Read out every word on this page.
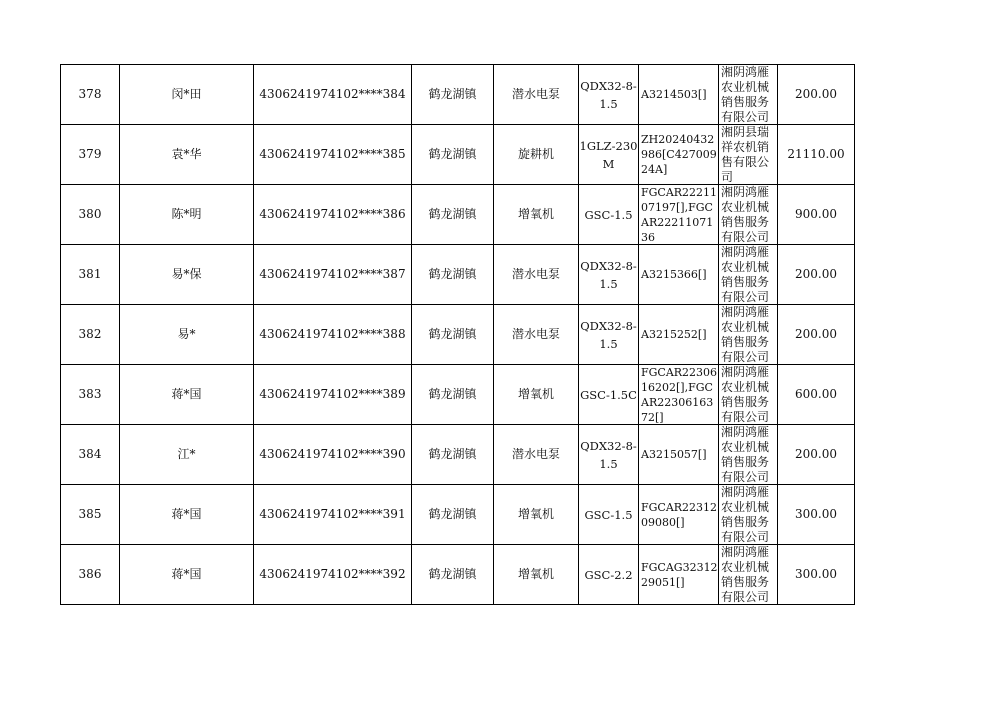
378	闵*田	4306241974102****384	鹤龙湖镇	潜水电泵	QDX32-8-1.5	A3214503[]	湘阴鸿雁农业机械销售服务有限公司	200.00

379	袁*华	4306241974102****385	鹤龙湖镇	旋耕机	1GLZ-230M	ZH20240432986[C42700924A]	湘阴县瑞祥农机销售有限公司	21110.00

380	陈*明	4306241974102****386	鹤龙湖镇	增氧机	GSC-1.5	FGCAR2221107197[],FGCAR2221107136	湘阴鸿雁农业机械销售服务有限公司	900.00

381	易*保	4306241974102****387	鹤龙湖镇	潜水电泵	QDX32-8-1.5	A3215366[]	湘阴鸿雁农业机械销售服务有限公司	200.00

382	易*	4306241974102****388	鹤龙湖镇	潜水电泵	QDX32-8-1.5	A3215252[]	湘阴鸿雁农业机械销售服务有限公司	200.00

383	蒋*国	4306241974102****389	鹤龙湖镇	增氧机	GSC-1.5C	FGCAR2230616202[],FGCAR2230616372[]	湘阴鸿雁农业机械销售服务有限公司	600.00

384	江*	4306241974102****390	鹤龙湖镇	潜水电泵	QDX32-8-1.5	A3215057[]	湘阴鸿雁农业机械销售服务有限公司	200.00

385	蒋*国	4306241974102****391	鹤龙湖镇	增氧机	GSC-1.5	FGCAR2231209080[]	湘阴鸿雁农业机械销售服务有限公司	300.00

386	蒋*国	4306241974102****392	鹤龙湖镇	增氧机	GSC-2.2	FGCAG3231229051[]	湘阴鸿雁农业机械销售服务有限公司	300.00
